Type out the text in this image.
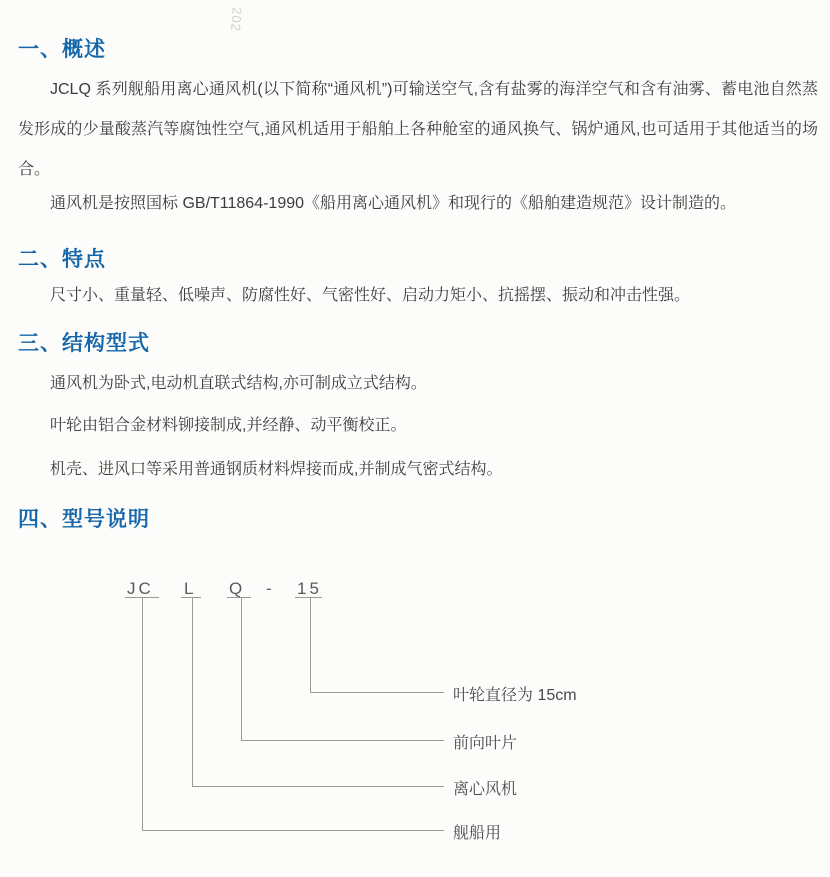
202
一、概述

JCLQ 系列舰船用离心通风机(以下简称“通风机”)可输送空气,含有盐雾的海洋空气和含有油雾、蓄电池自然蒸发形成的少量酸蒸汽等腐蚀性空气,通风机适用于船舶上各种舱室的通风换气、锅炉通风,也可适用于其他适当的场合。

通风机是按照国标 GB/T11864-1990《船用离心通风机》和现行的《船舶建造规范》设计制造的。

二、特点

尺寸小、重量轻、低噪声、防腐性好、气密性好、启动力矩小、抗摇摆、振动和冲击性强。

三、结构型式

通风机为卧式,电动机直联式结构,亦可制成立式结构。

叶轮由铝合金材料铆接制成,并经静、动平衡校正。

机壳、进风口等采用普通钢质材料焊接而成,并制成气密式结构。

四、型号说明
JC L Q - 15
叶轮直径为 15cm
前向叶片
离心风机
舰船用
